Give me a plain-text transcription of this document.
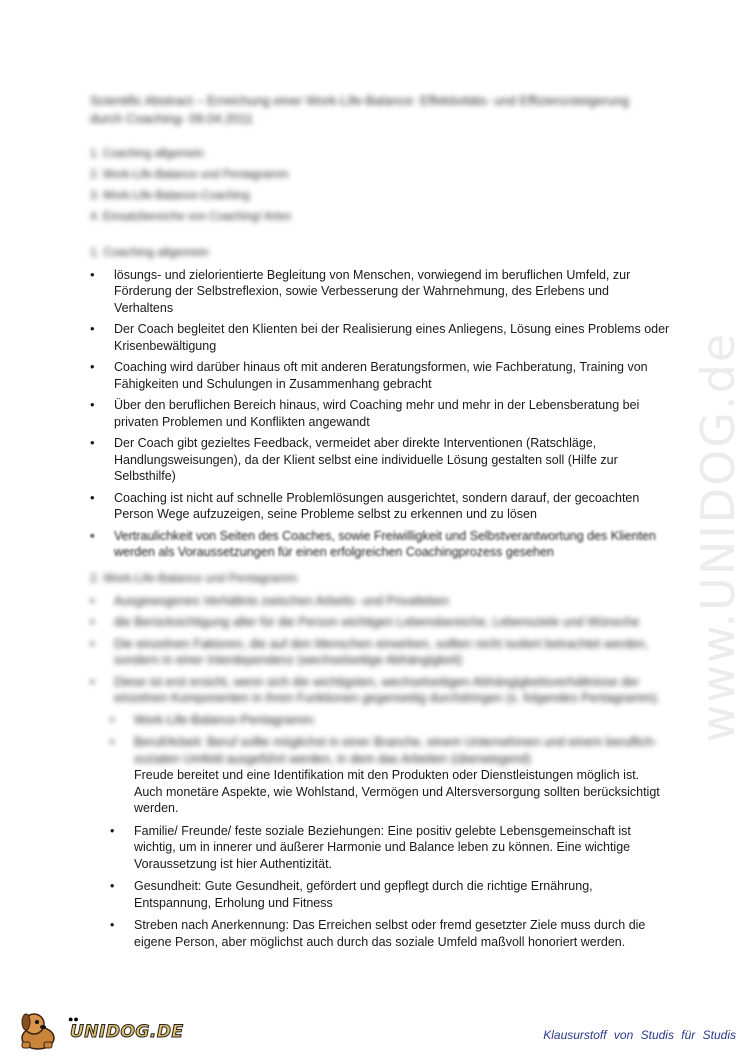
www.UNIDOG.de
Scientific Abstract – Erreichung einer Work-Life-Balance: Effektivitäts- und Effizienzsteigerung durch Coaching- 09.04.2011
1. Coaching allgemein
2. Work-Life-Balance und Pentagramm
3. Work-Life-Balance-Coaching
4. Einsatzbereiche von Coaching/ Arten
1. Coaching allgemein
• lösungs- und zielorientierte Begleitung von Menschen, vorwiegend im beruflichen Umfeld, zur Förderung der Selbstreflexion, sowie Verbesserung der Wahrnehmung, des Erlebens und Verhaltens
• Der Coach begleitet den Klienten bei der Realisierung eines Anliegens, Lösung eines Problems oder Krisenbewältigung
• Coaching wird darüber hinaus oft mit anderen Beratungsformen, wie Fachberatung, Training von Fähigkeiten und Schulungen in Zusammenhang gebracht
• Über den beruflichen Bereich hinaus, wird Coaching mehr und mehr in der Lebensberatung bei privaten Problemen und Konflikten angewandt
• Der Coach gibt gezieltes Feedback, vermeidet aber direkte Interventionen (Ratschläge, Handlungsweisungen), da der Klient selbst eine individuelle Lösung gestalten soll (Hilfe zur Selbsthilfe)
• Coaching ist nicht auf schnelle Problemlösungen ausgerichtet, sondern darauf, der gecoachten Person Wege aufzuzeigen, seine Probleme selbst zu erkennen und zu lösen
• Vertraulichkeit von Seiten des Coaches, sowie Freiwilligkeit und Selbstverantwortung des Klienten werden als Voraussetzungen für einen erfolgreichen Coachingprozess gesehen
2. Work-Life-Balance und Pentagramm
• Ausgewogenes Verhältnis zwischen Arbeits- und Privatleben
• die Berücksichtigung aller für die Person wichtigen Lebensbereiche, Lebensziele und Wünsche
• Die einzelnen Faktoren, die auf den Menschen einwirken, sollten nicht isoliert betrachtet werden, sondern in einer Interdependenz (wechselseitige Abhängigkeit)
• Diese ist erst ersicht, wenn sich die wichtigsten, wechselseitigen Abhängigkeitsverhältnisse der einzelnen Komponenten in ihren Funktionen gegenseitig durchdringen (s. folgendes Pentagramm).
• Work-Life-Balance-Pentagramm:
• Beruf/Arbeit: Beruf sollte möglichst in einer Branche, einem Unternehmen und einem beruflich-sozialen Umfeld ausgeführt werden, in dem das Arbeiten (überwiegend)
Freude bereitet und eine Identifikation mit den Produkten oder Dienstleistungen möglich ist. Auch monetäre Aspekte, wie Wohlstand, Vermögen und Altersversorgung sollten berücksichtigt werden.
• Familie/ Freunde/ feste soziale Beziehungen: Eine positiv gelebte Lebensgemeinschaft ist wichtig, um in innerer und äußerer Harmonie und Balance leben zu können. Eine wichtige Voraussetzung ist hier Authentizität.
• Gesundheit: Gute Gesundheit, gefördert und gepflegt durch die richtige Ernährung, Entspannung, Erholung und Fitness
• Streben nach Anerkennung: Das Erreichen selbst oder fremd gesetzter Ziele muss durch die eigene Person, aber möglichst auch durch das soziale Umfeld maßvoll honoriert werden.
●●
UNIDOG.DE	Klausurstoff von Studis für Studis
